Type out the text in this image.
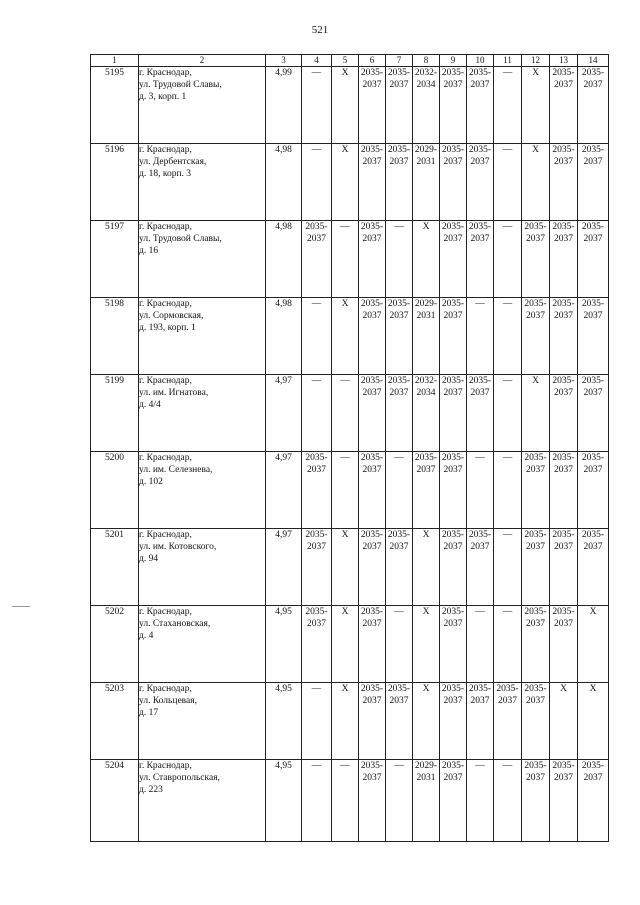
521
1	2	3	4	5	6	7	8	9	10	11	12	13	14
5195	г. Краснодар,
ул. Трудовой Славы,
д. 3, корп. 1	4,99	—	X	2035-2037	2035-2037	2032-2034	2035-2037	2035-2037	—	X	2035-2037	2035-2037
5196	г. Краснодар,
ул. Дербентская,
д. 18, корп. 3	4,98	—	X	2035-2037	2035-2037	2029-2031	2035-2037	2035-2037	—	X	2035-2037	2035-2037
5197	г. Краснодар,
ул. Трудовой Славы,
д. 16	4,98	2035-2037	—	2035-2037	—	X	2035-2037	2035-2037	—	2035-2037	2035-2037	2035-2037
5198	г. Краснодар,
ул. Сормовская,
д. 193, корп. 1	4,98	—	X	2035-2037	2035-2037	2029-2031	2035-2037	—	—	2035-2037	2035-2037	2035-2037
5199	г. Краснодар,
ул. им. Игнатова,
д. 4/4	4,97	—	—	2035-2037	2035-2037	2032-2034	2035-2037	2035-2037	—	X	2035-2037	2035-2037
5200	г. Краснодар,
ул. им. Селезнева,
д. 102	4,97	2035-2037	—	2035-2037	—	2035-2037	2035-2037	—	—	2035-2037	2035-2037	2035-2037
5201	г. Краснодар,
ул. им. Котовского,
д. 94	4,97	2035-2037	X	2035-2037	2035-2037	X	2035-2037	2035-2037	—	2035-2037	2035-2037	2035-2037
5202	г. Краснодар,
ул. Стахановская,
д. 4	4,95	2035-2037	X	2035-2037	—	X	2035-2037	—	—	2035-2037	2035-2037	X
5203	г. Краснодар,
ул. Кольцевая,
д. 17	4,95	—	X	2035-2037	2035-2037	X	2035-2037	2035-2037	2035-2037	2035-2037	X	X
5204	г. Краснодар,
ул. Ставропольская,
д. 223	4,95	—	—	2035-2037	—	2029-2031	2035-2037	—	—	2035-2037	2035-2037	2035-2037
